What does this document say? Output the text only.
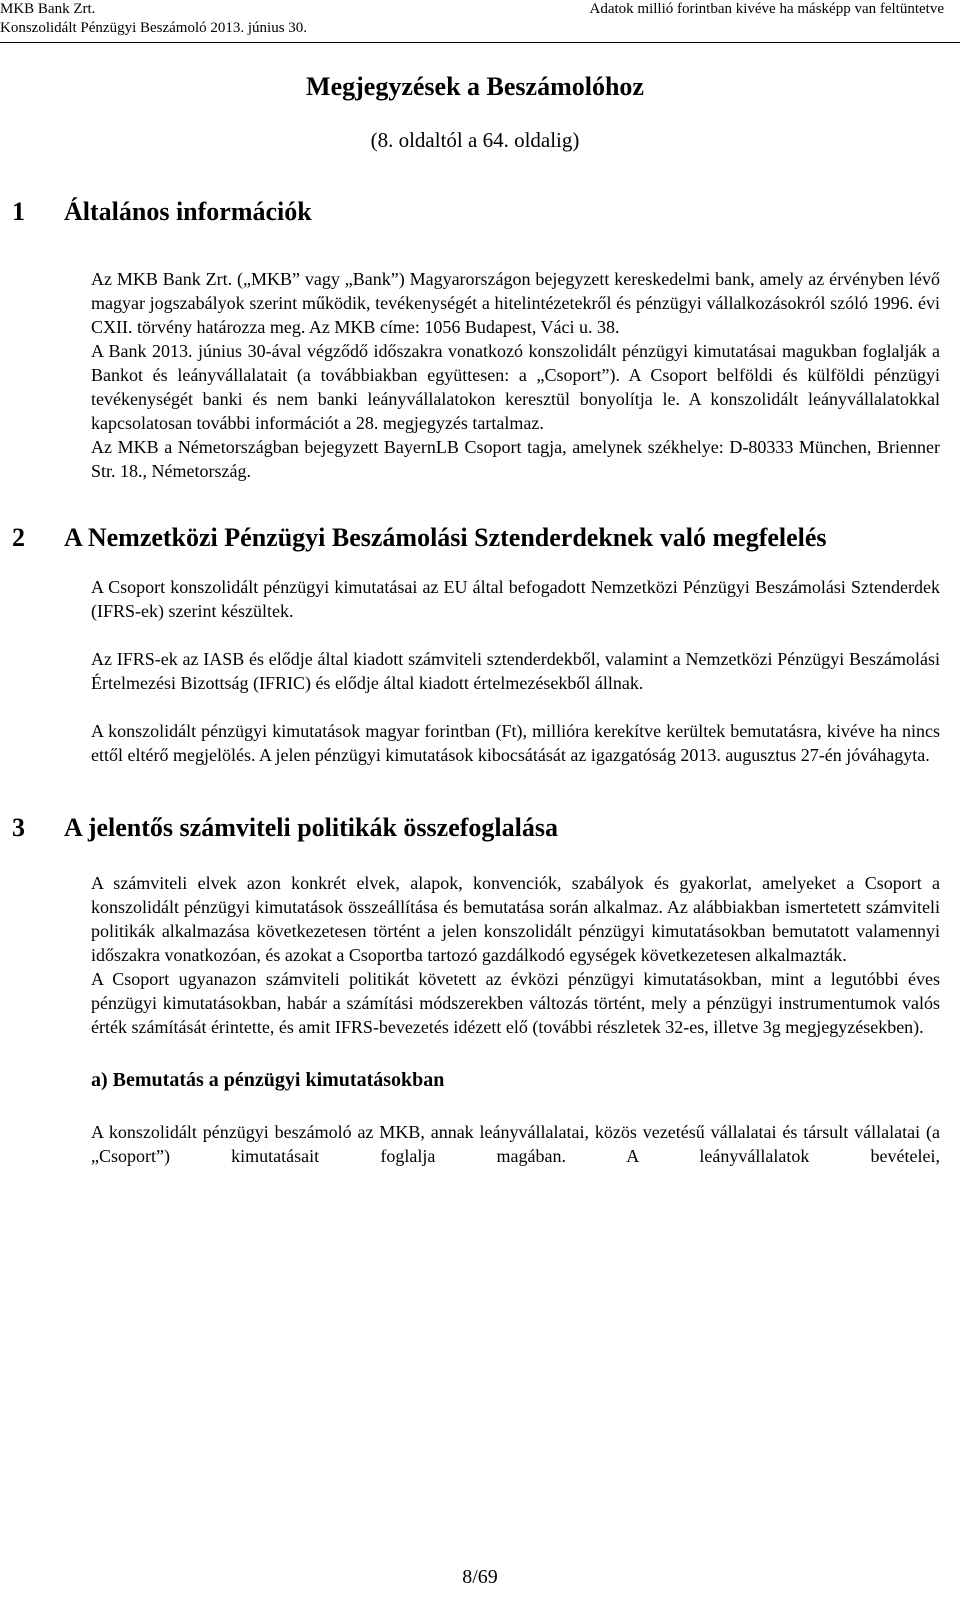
MKB Bank Zrt.
Konszolidált Pénzügyi Beszámoló 2013. június 30.
Adatok millió forintban kivéve ha másképp van feltüntetve
Megjegyzések a Beszámolóhoz
(8. oldaltól a 64. oldalig)
1 Általános információk

Az MKB Bank Zrt. („MKB” vagy „Bank”) Magyarországon bejegyzett kereskedelmi bank, amely az érvényben lévő magyar jogszabályok szerint működik, tevékenységét a hitelintézetekről és pénzügyi vállalkozásokról szóló 1996. évi CXII. törvény határozza meg. Az MKB címe: 1056 Budapest, Váci u. 38.

A Bank 2013. június 30-ával végződő időszakra vonatkozó konszolidált pénzügyi kimutatásai magukban foglalják a Bankot és leányvállalatait (a továbbiakban együttesen: a „Csoport”). A Csoport belföldi és külföldi pénzügyi tevékenységét banki és nem banki leányvállalatokon keresztül bonyolítja le. A konszolidált leányvállalatokkal kapcsolatosan további információt a 28. megjegyzés tartalmaz.

Az MKB a Németországban bejegyzett BayernLB Csoport tagja, amelynek székhelye: D-80333 München, Brienner Str. 18., Németország.

2 A Nemzetközi Pénzügyi Beszámolási Sztenderdeknek való megfelelés

A Csoport konszolidált pénzügyi kimutatásai az EU által befogadott Nemzetközi Pénzügyi Beszámolási Sztenderdek (IFRS-ek) szerint készültek.

Az IFRS-ek az IASB és elődje által kiadott számviteli sztenderdekből, valamint a Nemzetközi Pénzügyi Beszámolási Értelmezési Bizottság (IFRIC) és elődje által kiadott értelmezésekből állnak.

A konszolidált pénzügyi kimutatások magyar forintban (Ft), millióra kerekítve kerültek bemutatásra, kivéve ha nincs ettől eltérő megjelölés. A jelen pénzügyi kimutatások kibocsátását az igazgatóság 2013. augusztus 27-én jóváhagyta.

3 A jelentős számviteli politikák összefoglalása

A számviteli elvek azon konkrét elvek, alapok, konvenciók, szabályok és gyakorlat, amelyeket a Csoport a konszolidált pénzügyi kimutatások összeállítása és bemutatása során alkalmaz. Az alábbiakban ismertetett számviteli politikák alkalmazása következetesen történt a jelen konszolidált pénzügyi kimutatásokban bemutatott valamennyi időszakra vonatkozóan, és azokat a Csoportba tartozó gazdálkodó egységek következetesen alkalmazták.

A Csoport ugyanazon számviteli politikát követett az évközi pénzügyi kimutatásokban, mint a legutóbbi éves pénzügyi kimutatásokban, habár a számítási módszerekben változás történt, mely a pénzügyi instrumentumok valós érték számítását érintette, és amit IFRS-bevezetés idézett elő (további részletek 32-es, illetve 3g megjegyzésekben).

a) Bemutatás a pénzügyi kimutatásokban

A konszolidált pénzügyi beszámoló az MKB, annak leányvállalatai, közös vezetésű vállalatai és társult vállalatai (a „Csoport”) kimutatásait foglalja magában. A leányvállalatok bevételei,

8/69
